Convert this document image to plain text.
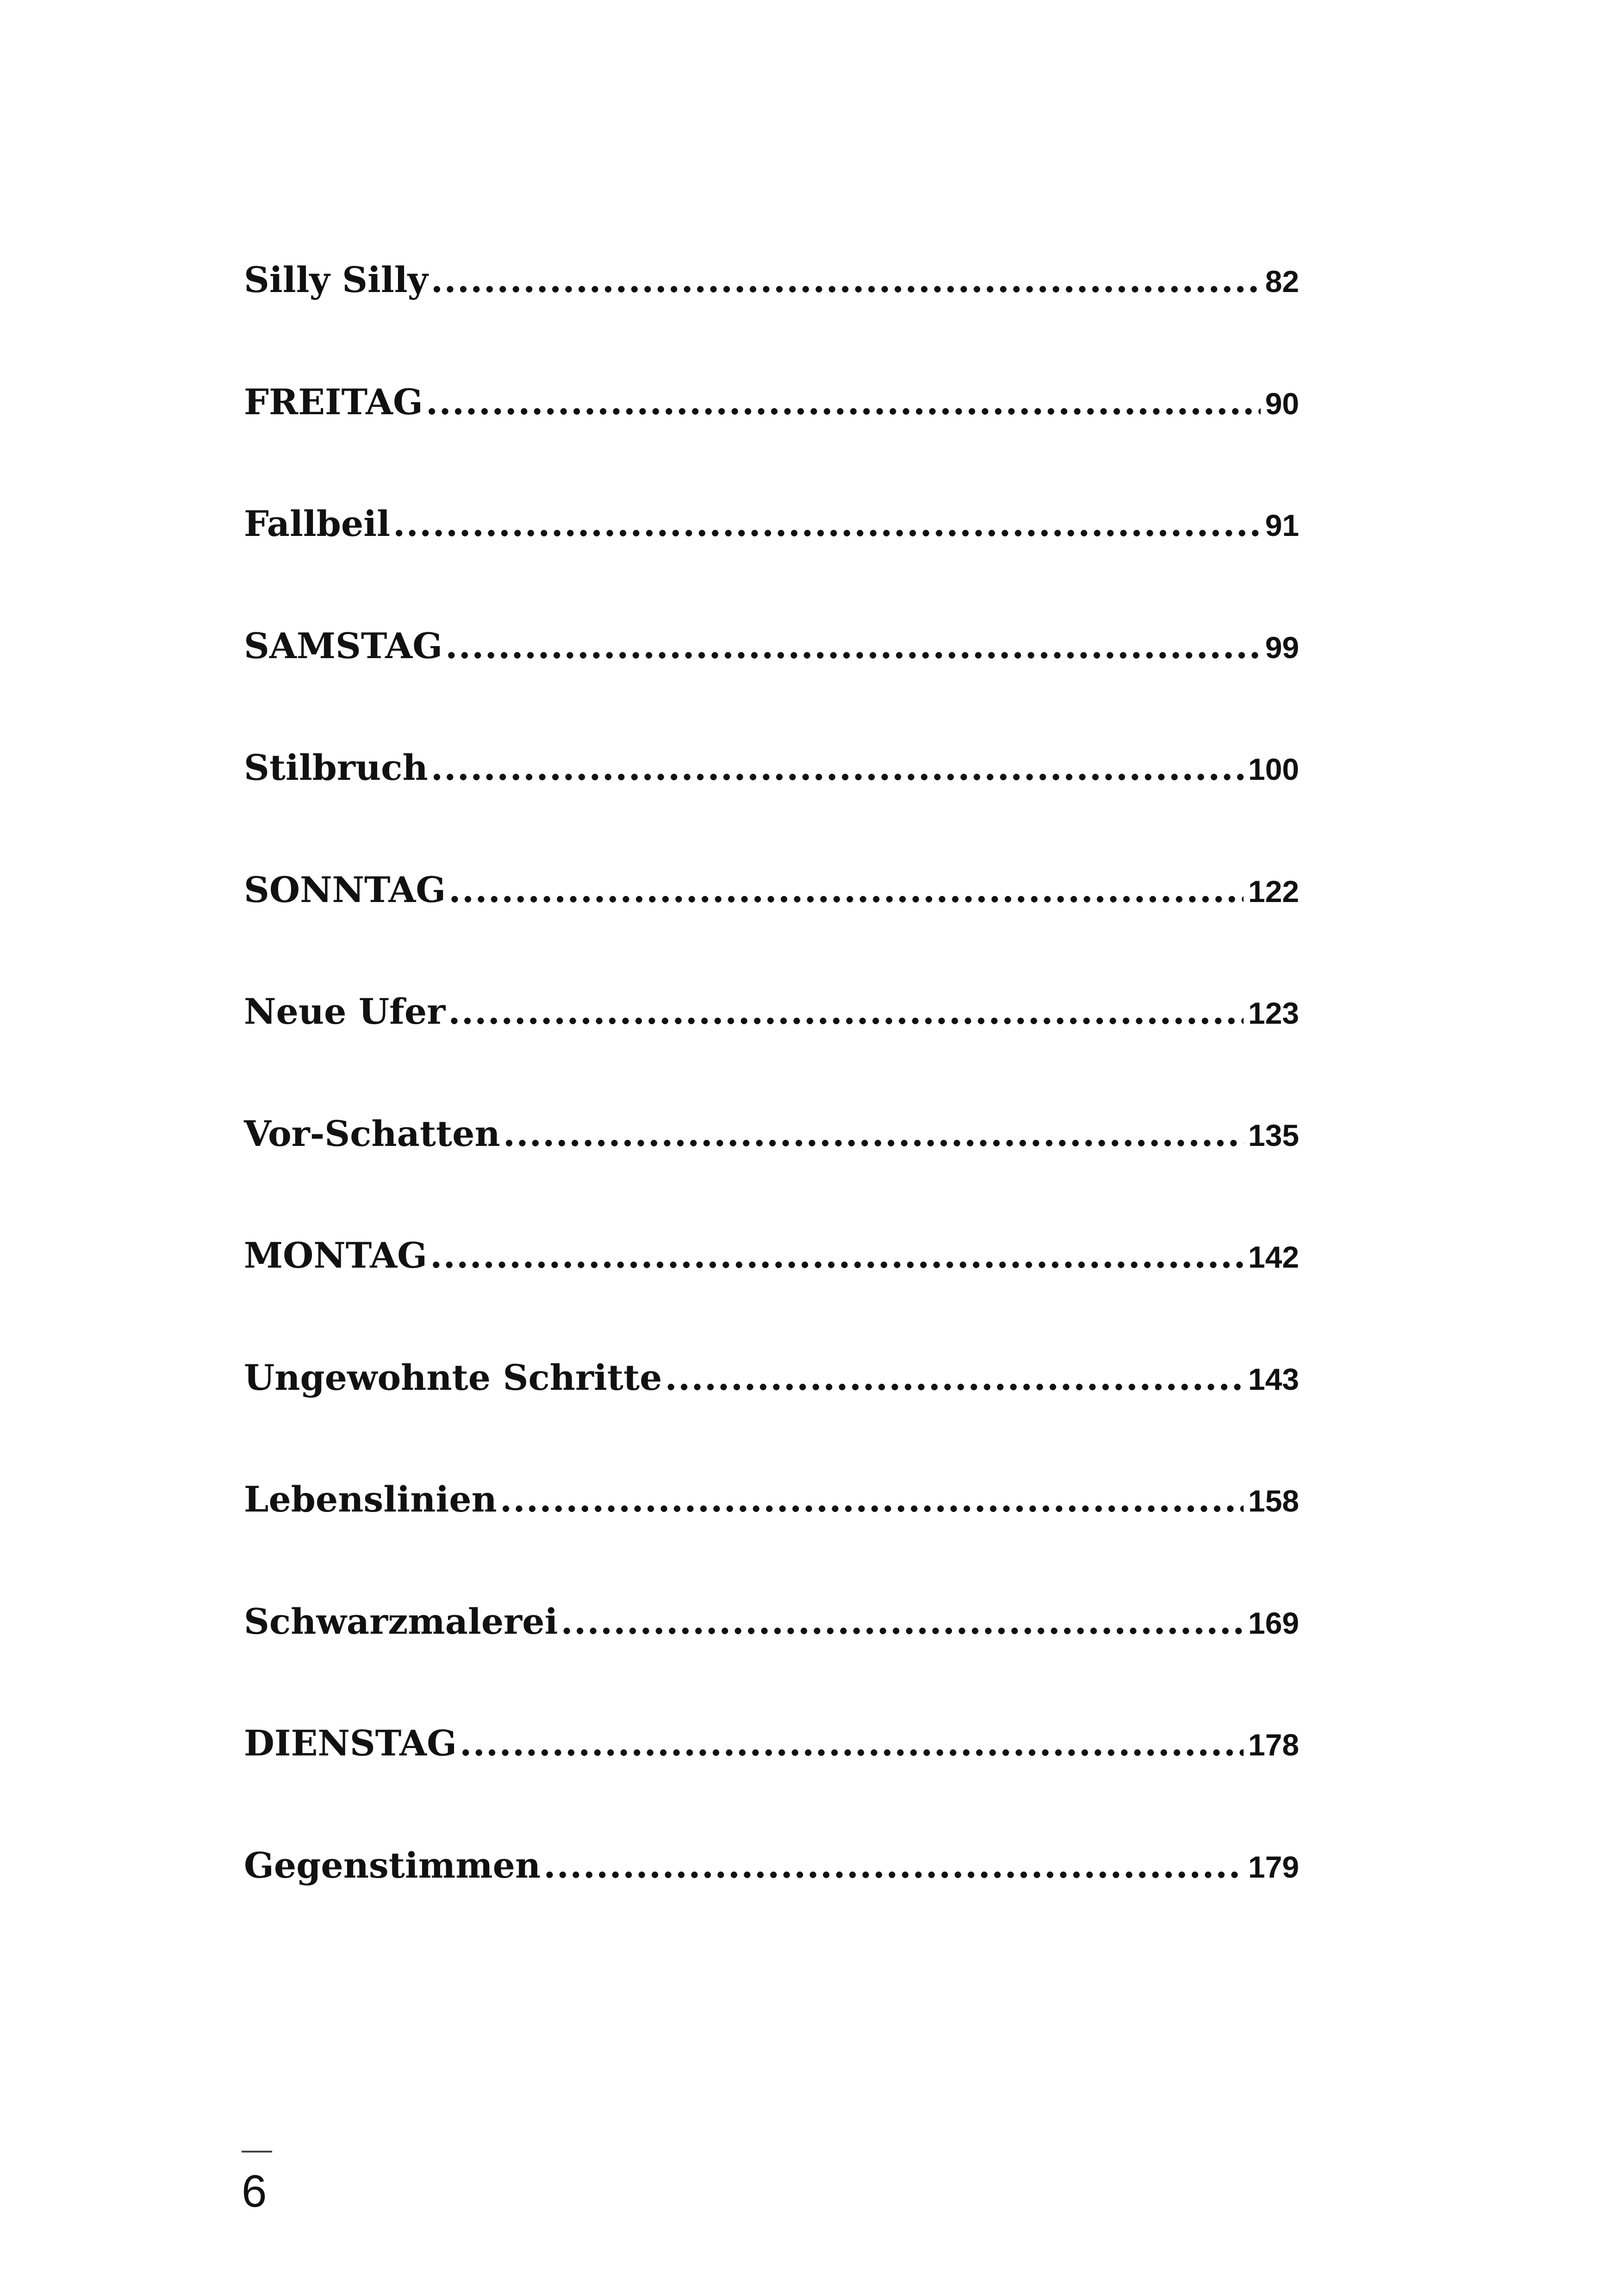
Silly Silly .....	82
FREITAG .....	90
Fallbeil .....	91
SAMSTAG .....	99
Stilbruch .....	100
SONNTAG .....	122
Neue Ufer .....	123
Vor-Schatten .....	135
MONTAG .....	142
Ungewohnte Schritte .....	143
Lebenslinien .....	158
Schwarzmalerei .....	169
DIENSTAG .....	178
Gegenstimmen .....	179
6
